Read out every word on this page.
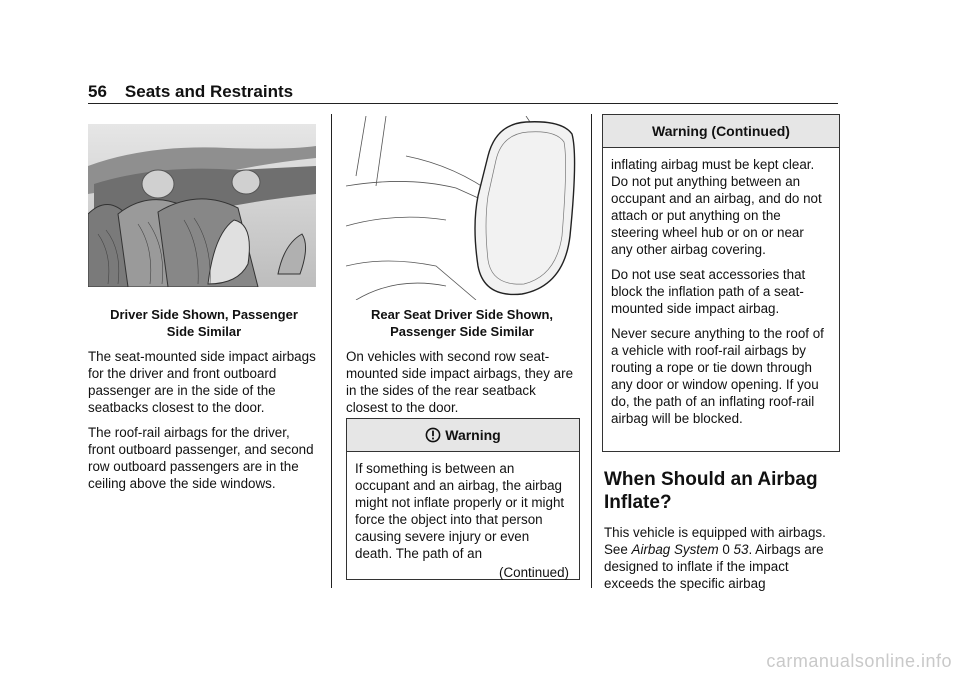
56 Seats and Restraints
Driver Side Shown, Passenger
Side Similar

The seat-mounted side impact airbags for the driver and front outboard passenger are in the side of the seatbacks closest to the door.

The roof-rail airbags for the driver, front outboard passenger, and second row outboard passengers are in the ceiling above the side windows.

Rear Seat Driver Side Shown,
Passenger Side Similar

On vehicles with second row seat-mounted side impact airbags, they are in the sides of the rear seatback closest to the door.

Warning
If something is between an occupant and an airbag, the airbag might not inflate properly or it might force the object into that person causing severe injury or even death. The path of an
(Continued)
Warning (Continued)

inflating airbag must be kept clear. Do not put anything between an occupant and an airbag, and do not attach or put anything on the steering wheel hub or on or near any other airbag covering.

Do not use seat accessories that block the inflation path of a seat-mounted side impact airbag.

Never secure anything to the roof of a vehicle with roof-rail airbags by routing a rope or tie down through any door or window opening. If you do, the path of an inflating roof-rail airbag will be blocked.

When Should an Airbag Inflate?

This vehicle is equipped with airbags. See Airbag System 0 53. Airbags are designed to inflate if the impact exceeds the specific airbag

carmanualsonline.info
